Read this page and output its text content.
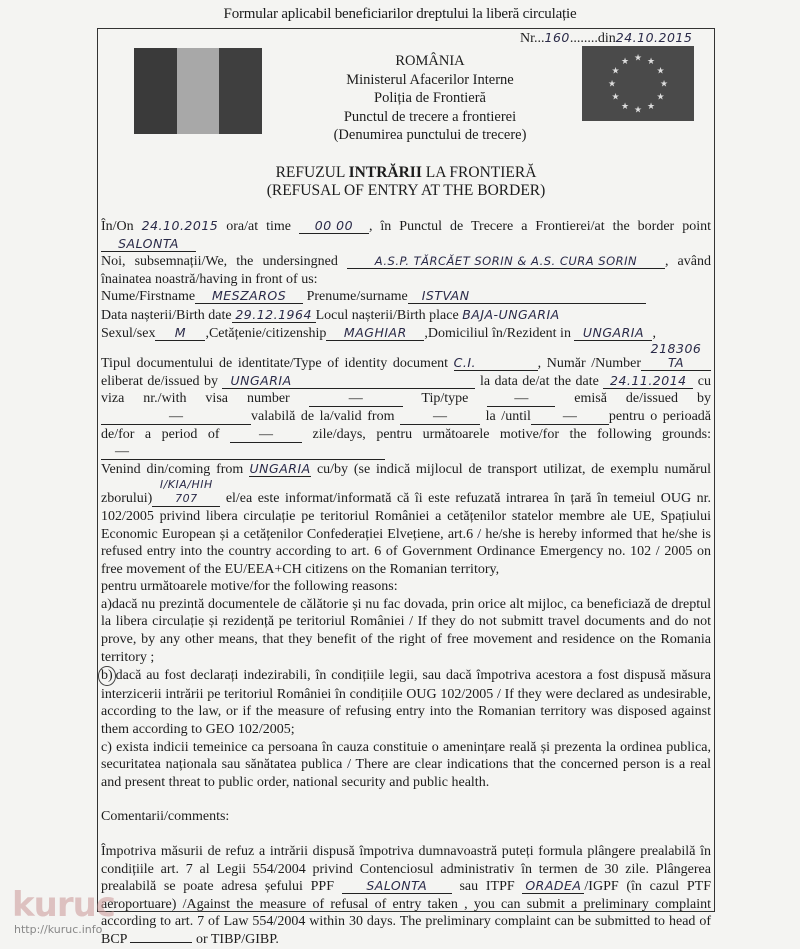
Formular aplicabil beneficiarilor dreptului la liberă circulație
Nr...160........din24.10.2015
ROMÂNIA
Ministerul Afacerilor Interne
Poliția de Frontieră
Punctul de trecere a frontierei
(Denumirea punctului de trecere)
★ ★
★
★
★
★
★
★
★
★
★
★
REFUZUL INTRĂRII LA FRONTIERĂ
(REFUSAL OF ENTRY AT THE BORDER)

În/On 24.10.2015 ora/at time 00 00 , în Punctul de Trecere a Frontierei/at the border point SALONTA

Noi, subsemnații/We, the undersingned	A.S.P. TĂRCĂET SORIN & A.S. CURA SORIN , având înainatea noastră/having in front of us:

Nume/Firstname MESZAROS Prenume/surname ISTVAN

Data nașterii/Birth date 29.12.1964 Locul nașterii/Birth place BAJA-UNGARIA

Sexul/sex M ,Cetățenie/citizenship MAGHIAR ,Domiciliul în/Rezident in UNGARIA ,

Tipul documentului de identitate/Type of identity document C.I.	, Număr /Number218306 TA eliberat de/issued by UNGARIA	la data de/at the date 24.11.2014 cu viza nr./with visa number	—	Tip/type	—	emisă de/issued by —	valabilă de la/valid from	—	la /until — pentru o perioadă de/for a period of	—	zile/days, pentru următoarele motive/for the following grounds: —

Venind din/coming from UNGARIA cu/by (se indică mijlocul de transport utilizat, de exemplu numărul zborului)I/KIA/HIH 707 el/ea este informat/informată că îi este refuzată intrarea în țară în temeiul OUG nr. 102/2005 privind libera circulație pe teritoriul României a cetățenilor statelor membre ale UE, Spațiului Economic European și a cetățenilor Confederației Elvețiene, art.6 / he/she is hereby informed that he/she is refused entry into the country according to art. 6 of Government Ordinance Emergency no. 102 / 2005 on free movement of the EU/EEA+CH citizens on the Romanian territory,

pentru următoarele motive/for the following reasons:

a)dacă nu prezintă documentele de călătorie și nu fac dovada, prin orice alt mijloc, ca beneficiază de dreptul la libera circulație și rezidență pe teritoriul României / If they do not submitt travel documents and do not prove, by any other means, that they benefit of the right of free movement and residence on the Romania territory ;

b) dacă au fost declarați indezirabili, în condițiile legii, sau dacă împotriva acestora a fost dispusă măsura interzicerii intrării pe teritoriul României în condițiile OUG 102/2005 / If they were declared as undesirable, according to the law, or if the measure of refusing entry into the Romanian territory was disposed against them according to GEO 102/2005;

c) exista indicii temeinice ca persoana în cauza constituie o amenințare reală și prezenta la ordinea publica, securitatea naționala sau sănătatea publica / There are clear indications that the concerned person is a real and present threat to public order, national security and public health.

Comentarii/comments:

Împotriva măsurii de refuz a intrării dispusă împotriva dumnavoastră puteți formula plângere prealabilă în condițiile art. 7 al Legii 554/2004 privind Contenciosul administrativ în termen de 30 zile. Plângerea prealabilă se poate adresa șefului PPF	SALONTA sau ITPF ORADEA /IGPF (în cazul PTF aeroportuare) /Against the measure of refusal of entry taken , you can submit a preliminary complaint according to art. 7 of Law 554/2004 within 30 days. The preliminary complaint can be submitted to head of BCP	or TIBP/GIBP.

kuruc
http://kuruc.info
